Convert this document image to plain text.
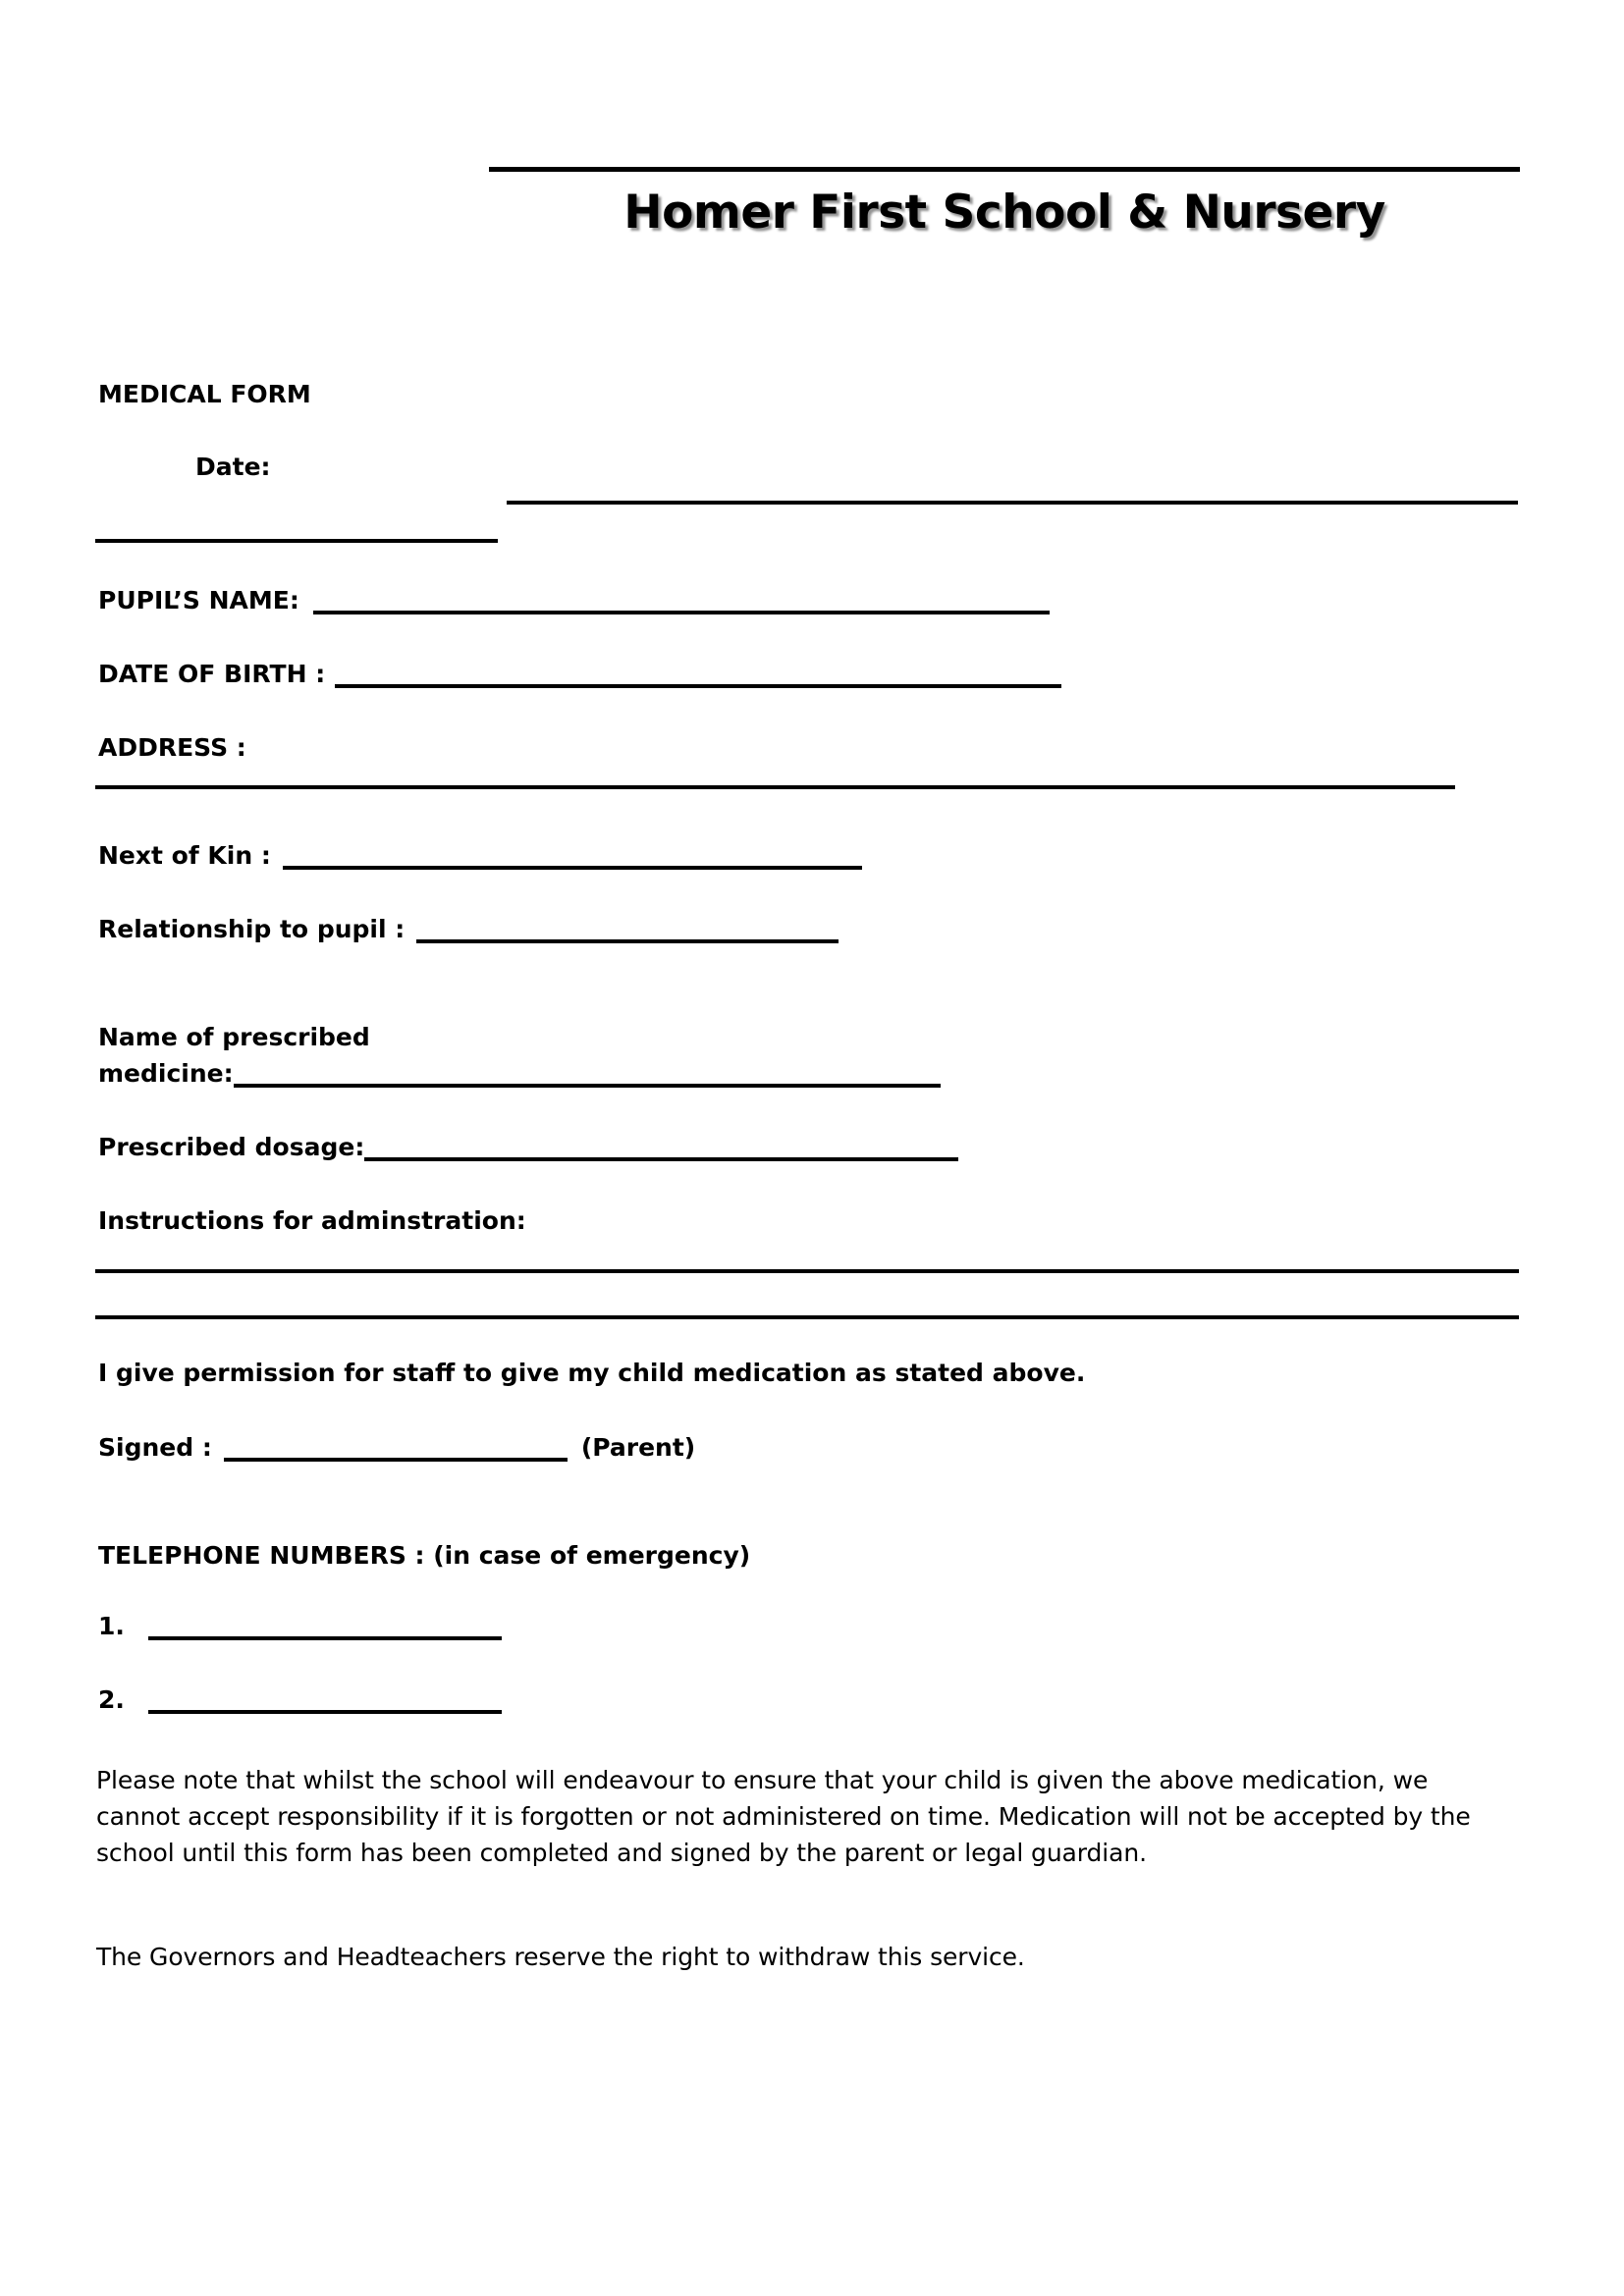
Homer First School & Nursery
MEDICAL FORM
Date:
PUPIL’S NAME:
DATE OF BIRTH :
ADDRESS :
Next of Kin :
Relationship to pupil :
Name of prescribed
medicine:
Prescribed dosage:
Instructions for adminstration:
I give permission for staff to give my child medication as stated above.
Signed :	(Parent)
TELEPHONE NUMBERS : (in case of emergency)
1.
2.
Please note that whilst the school will endeavour to ensure that your child is given the above medication, we cannot accept responsibility if it is forgotten or not administered on time. Medication will not be accepted by the school until this form has been completed and signed by the parent or legal guardian.
The Governors and Headteachers reserve the right to withdraw this service.
